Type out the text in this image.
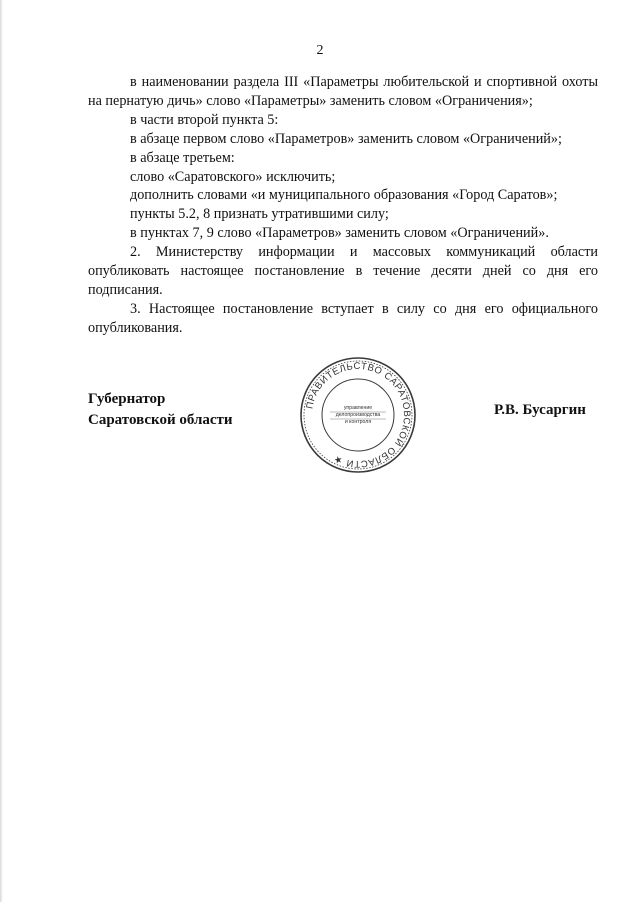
2

в наименовании раздела III «Параметры любительской и спортивной охоты на пернатую дичь» слово «Параметры» заменить словом «Ограничения»;

в части второй пункта 5:

в абзаце первом слово «Параметров» заменить словом «Ограничений»;

в абзаце третьем:

слово «Саратовского» исключить;

дополнить словами «и муниципального образования «Город Саратов»;

пункты 5.2, 8 признать утратившими силу;

в пунктах 7, 9 слово «Параметров» заменить словом «Ограничений».

2. Министерству информации и массовых коммуникаций области опубликовать настоящее постановление в течение десяти дней со дня его подписания.

3. Настоящее постановление вступает в силу со дня его официального опубликования.

Губернатор
Саратовской области
ПРАВИТЕЛЬСТВО САРАТОВСКОЙ ОБЛАСТИ ★
управление
делопроизводства
и контроля
Р.В. Бусаргин
